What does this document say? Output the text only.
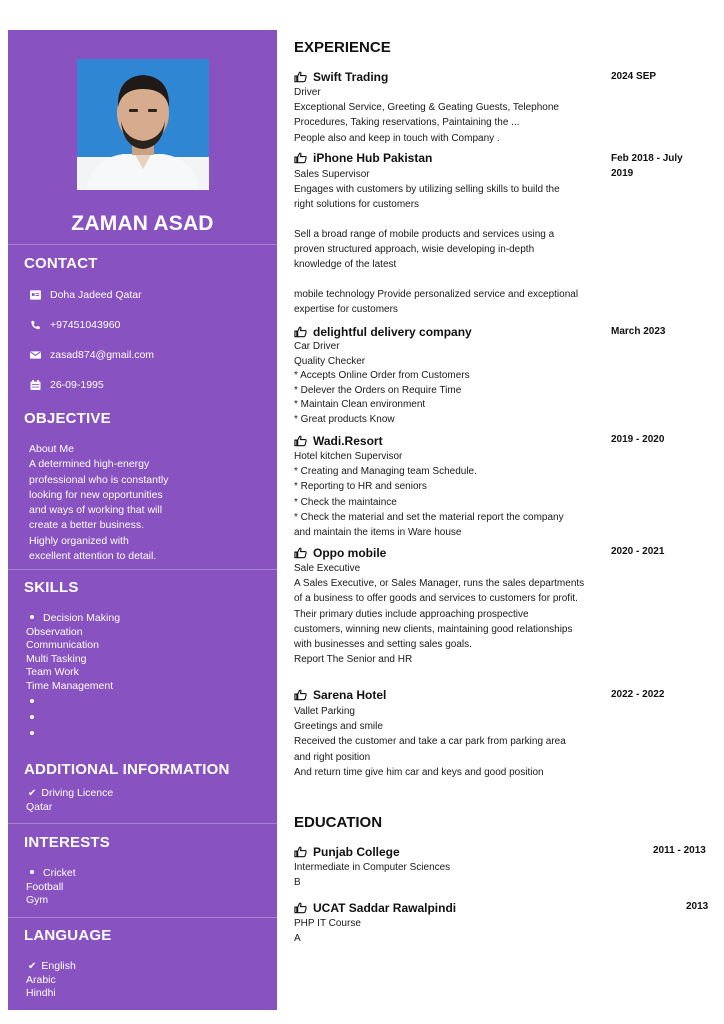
ZAMAN ASAD
CONTACT
Doha Jadeed Qatar
+97451043960
zasad874@gmail.com
26-09-1995
OBJECTIVE
About Me
A determined high-energy
professional who is constantly
looking for new opportunities
and ways of working that will
create a better business.
Highly organized with
excellent attention to detail.
SKILLS
Decision Making
Observation
Communication
Multi Tasking
Team Work
Time Management
ADDITIONAL INFORMATION
✔ Driving Licence
Qatar
INTERESTS
Cricket
Football
Gym
LANGUAGE
✔ English
Arabic
Hindhi
EXPERIENCE
Swift Trading	2024 SEP
Driver
Exceptional Service, Greeting & Geating Guests, Telephone
Procedures, Taking reservations, Paintaining the ...
People also and keep in touch with Company .
iPhone Hub Pakistan	Feb 2018 - July
2019
Sales Supervisor
Engages with customers by utilizing selling skills to build the
right solutions for customers
Sell a broad range of mobile products and services using a
proven structured approach, wisie developing in-depth
knowledge of the latest
mobile technology Provide personalized service and exceptional
expertise for customers
delightful delivery company	March 2023
Car Driver
Quality Checker
* Accepts Online Order from Customers
* Delever the Orders on Require Time
* Maintain Clean environment
* Great products Know
Wadi.Resort	2019 - 2020
Hotel kitchen Supervisor
* Creating and Managing team Schedule.
* Reporting to HR and seniors
* Check the maintaince
* Check the material and set the material report the company
and maintain the items in Ware house
Oppo mobile	2020 - 2021
Sale Executive
A Sales Executive, or Sales Manager, runs the sales departments
of a business to offer goods and services to customers for profit.
Their primary duties include approaching prospective
customers, winning new clients, maintaining good relationships
with businesses and setting sales goals.
Report The Senior and HR
Sarena Hotel	2022 - 2022
Vallet Parking
Greetings and smile
Received the customer and take a car park from parking area
and right position
And return time give him car and keys and good position
EDUCATION
Punjab College	2011 - 2013
Intermediate in Computer Sciences
B
UCAT Saddar Rawalpindi	2013
PHP IT Course
A
